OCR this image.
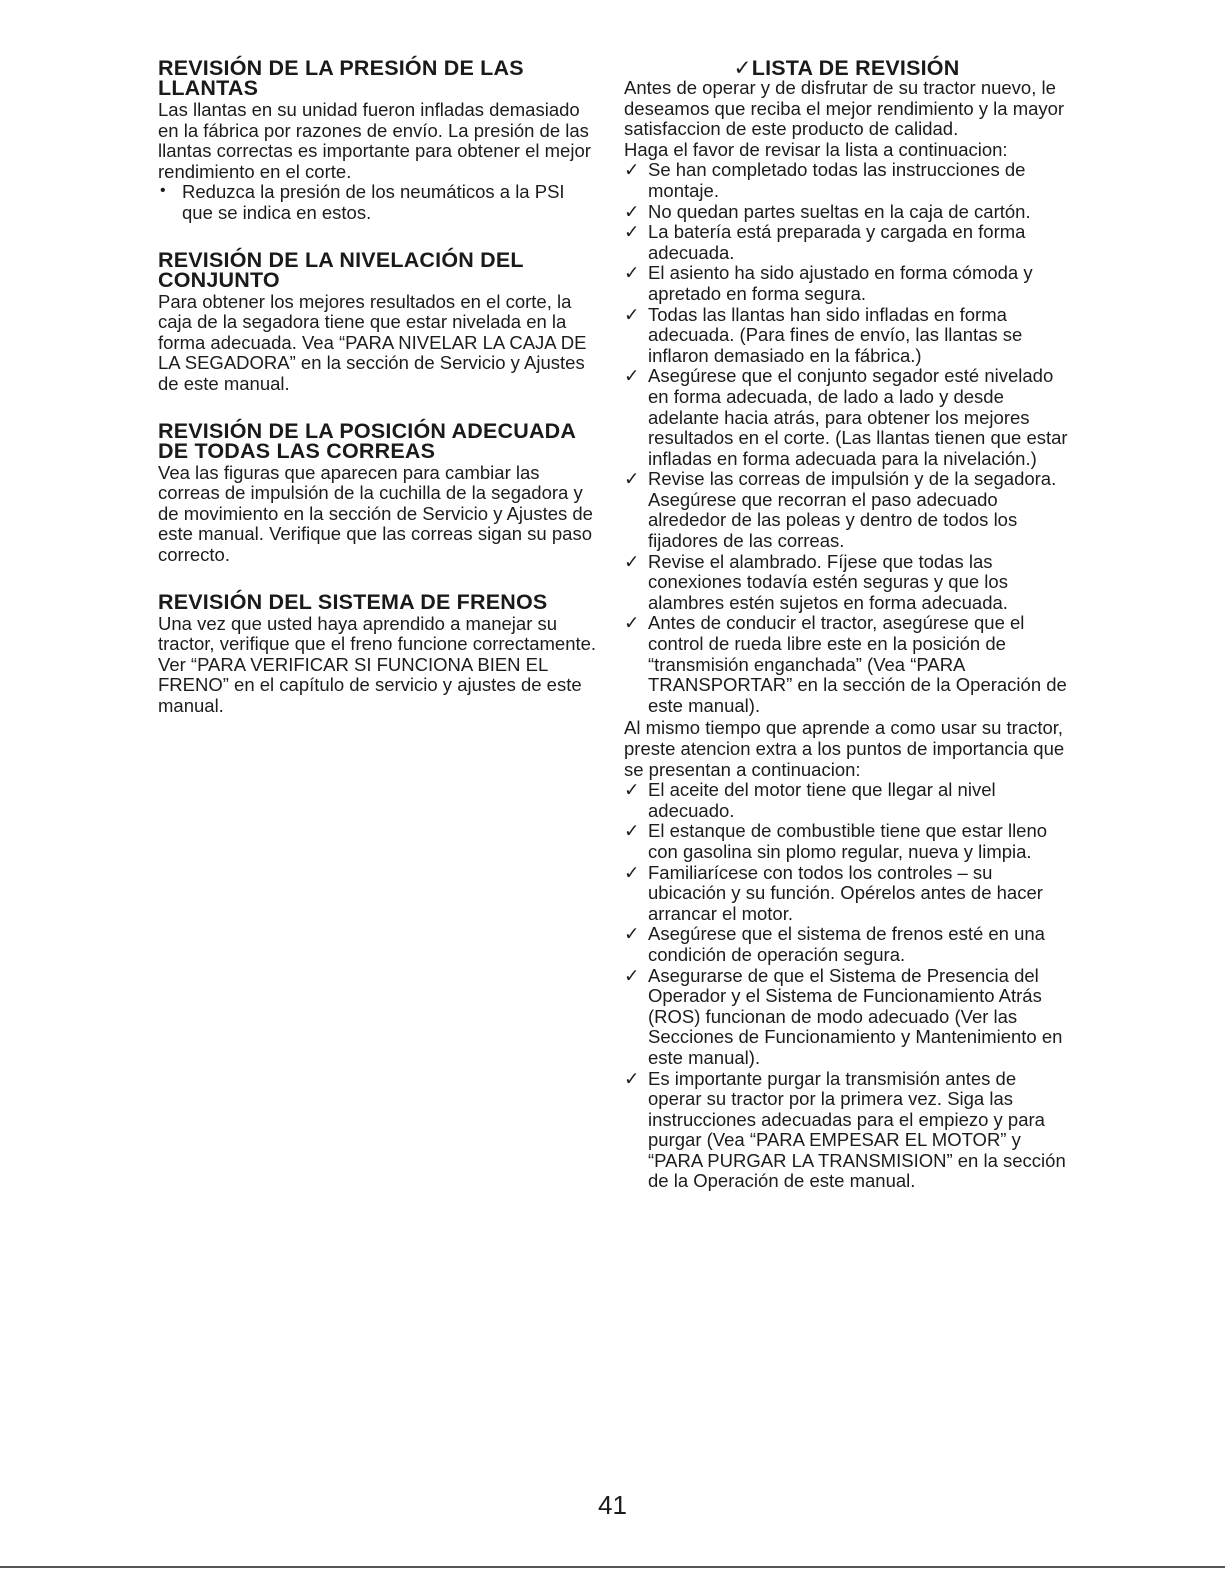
REVISIÓN DE LA PRESIÓN DE LAS LLANTAS

Las llantas en su unidad fueron infladas demasiado en la fábrica por razones de envío. La presión de las llantas correctas es importante para obtener el mejor rendimiento en el corte.

• Reduzca la presión de los neumáticos a la PSI que se indica en estos.

REVISIÓN DE LA NIVELACIÓN DEL CONJUNTO

Para obtener los mejores resultados en el corte, la caja de la segadora tiene que estar nivelada en la forma adecuada. Vea “PARA NIVELAR LA CAJA DE LA SEGADORA” en la sección de Servicio y Ajustes de este manual.

REVISIÓN DE LA POSICIÓN ADECUADA DE TODAS LAS CORREAS

Vea las figuras que aparecen para cambiar las correas de impulsión de la cuchilla de la segadora y de movimiento en la sección de Servicio y Ajustes de este manual. Verifique que las correas sigan su paso correcto.

REVISIÓN DEL SISTEMA DE FRENOS

Una vez que usted haya aprendido a manejar su tractor, verifique que el freno funcione correctamente. Ver “PARA VERIFICAR SI FUNCIONA BIEN EL FRENO” en el capítulo de servicio y ajustes de este manual.

✓LISTA DE REVISIÓN

Antes de operar y de disfrutar de su tractor nuevo, le deseamos que reciba el mejor rendimiento y la mayor satisfaccion de este producto de calidad.

Haga el favor de revisar la lista a continuacion:

✓ Se han completado todas las instrucciones de montaje.
✓ No quedan partes sueltas en la caja de cartón.
✓ La batería está preparada y cargada en forma adecuada.
✓ El asiento ha sido ajustado en forma cómoda y apretado en forma segura.
✓ Todas las llantas han sido infladas en forma adecuada. (Para fines de envío, las llantas se inflaron demasiado en la fábrica.)
✓ Asegúrese que el conjunto segador esté nivelado en forma adecuada, de lado a lado y desde adelante hacia atrás, para obtener los mejores resultados en el corte. (Las llantas tienen que estar infladas en forma adecuada para la nivelación.)
✓ Revise las correas de impulsión y de la segadora. Asegúrese que recorran el paso adecuado alrededor de las poleas y dentro de todos los fijadores de las correas.
✓ Revise el alambrado. Fíjese que todas las conexiones todavía estén seguras y que los alambres estén sujetos en forma adecuada.
✓ Antes de conducir el tractor, asegúrese que el control de rueda libre este en la posición de “transmisión enganchada” (Vea “PARA TRANSPORTAR” en la sección de la Operación de este manual).

Al mismo tiempo que aprende a como usar su tractor, preste atencion extra a los puntos de importancia que se presentan a continuacion:

✓ El aceite del motor tiene que llegar al nivel adecuado.
✓ El estanque de combustible tiene que estar lleno con gasolina sin plomo regular, nueva y limpia.
✓ Familiarícese con todos los controles – su ubicación y su función. Opérelos antes de hacer arrancar el motor.
✓ Asegúrese que el sistema de frenos esté en una condición de operación segura.
✓ Asegurarse de que el Sistema de Presencia del Operador y el Sistema de Funcionamiento Atrás (ROS) funcionan de modo adecuado (Ver las Secciones de Funcionamiento y Mantenimiento en este manual).
✓ Es importante purgar la transmisión antes de operar su tractor por la primera vez. Siga las instrucciones adecuadas para el empiezo y para purgar (Vea “PARA EMPESAR EL MOTOR” y “PARA PURGAR LA TRANSMISION” en la sección de la Operación de este manual.
41
